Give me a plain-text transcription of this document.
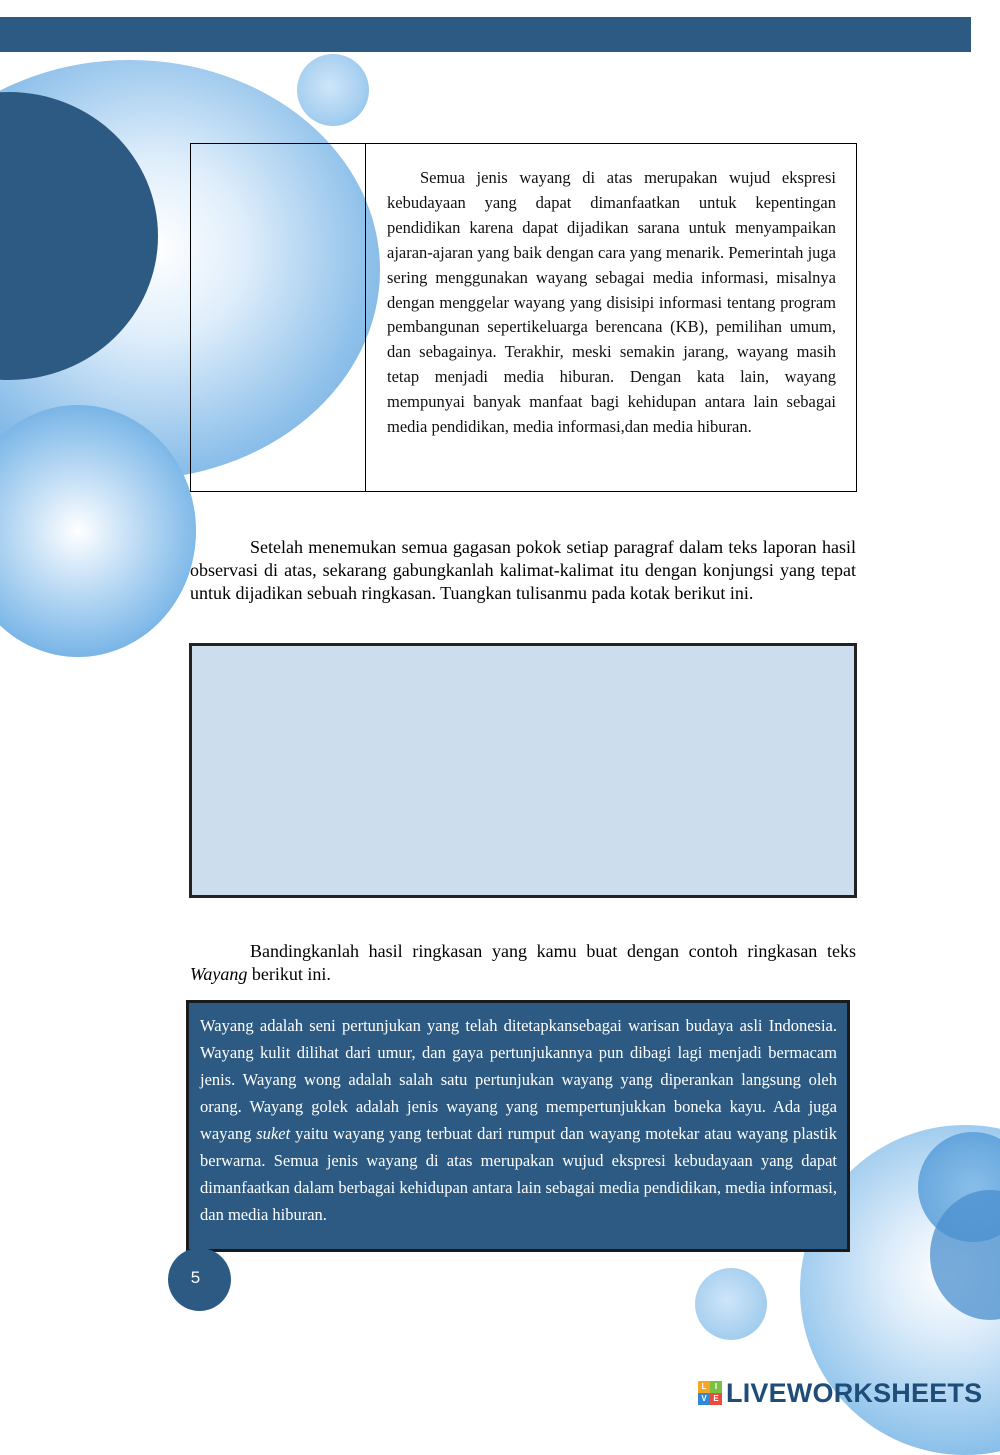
Semua jenis wayang di atas merupakan wujud ekspresi kebudayaan yang dapat dimanfaatkan untuk kepentingan pendidikan karena dapat dijadikan sarana untuk menyampaikan ajaran-ajaran yang baik dengan cara yang menarik. Pemerintah juga sering menggunakan wayang sebagai media informasi, misalnya dengan menggelar wayang yang disisipi informasi tentang program pembangunan sepertikeluarga berencana (KB), pemilihan umum, dan sebagainya. Terakhir, meski semakin jarang, wayang masih tetap menjadi media hiburan. Dengan kata lain, wayang mempunyai banyak manfaat bagi kehidupan antara lain sebagai media pendidikan, media informasi,dan media hiburan.

Setelah menemukan semua gagasan pokok setiap paragraf dalam teks laporan hasil observasi di atas, sekarang gabungkanlah kalimat-kalimat itu dengan konjungsi yang tepat untuk dijadikan sebuah ringkasan. Tuangkan tulisanmu pada kotak berikut ini.

Bandingkanlah hasil ringkasan yang kamu buat dengan contoh ringkasan teks Wayang berikut ini.

Wayang adalah seni pertunjukan yang telah ditetapkansebagai warisan budaya asli Indonesia. Wayang kulit dilihat dari umur, dan gaya pertunjukannya pun dibagi lagi menjadi bermacam jenis. Wayang wong adalah salah satu pertunjukan wayang yang diperankan langsung oleh orang. Wayang golek adalah jenis wayang yang mempertunjukkan boneka kayu. Ada juga wayang suket yaitu wayang yang terbuat dari rumput dan wayang motekar atau wayang plastik berwarna. Semua jenis wayang di atas merupakan wujud ekspresi kebudayaan yang dapat dimanfaatkan dalam berbagai kehidupan antara lain sebagai media pendidikan, media informasi, dan media hiburan.

5
L	I
V E LIVEWORKSHEETS
